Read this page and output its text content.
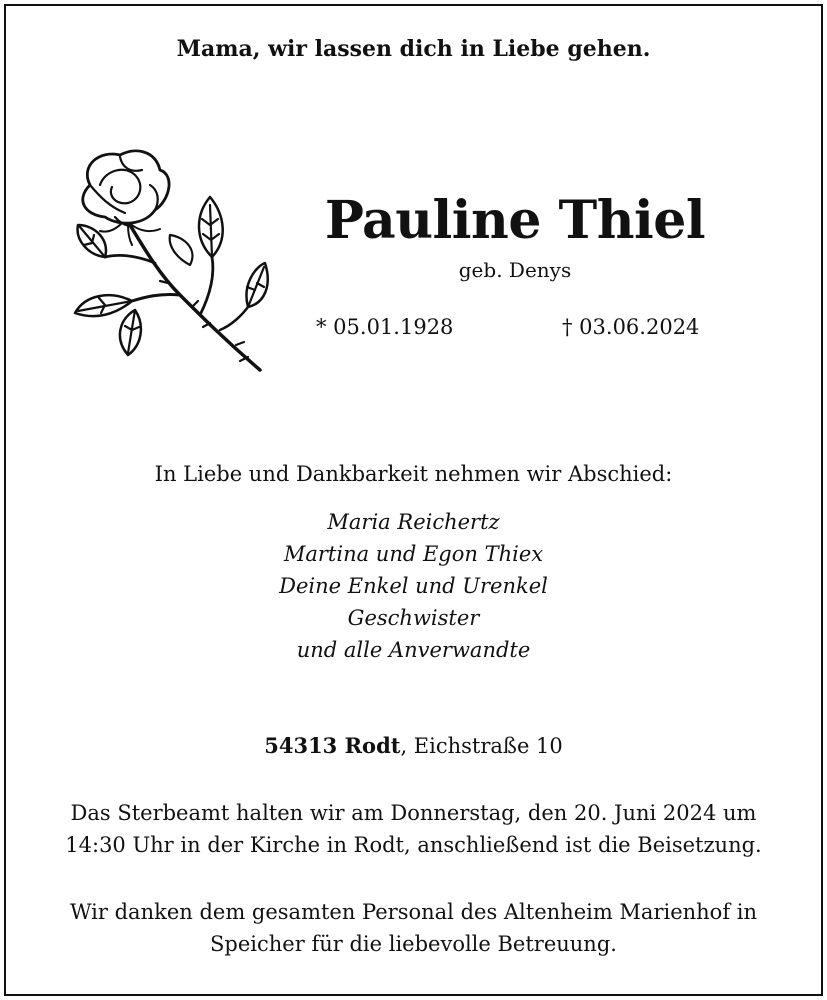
Mama, wir lassen dich in Liebe gehen.
Pauline Thiel
geb. Denys
* 05.01.1928	† 03.06.2024
In Liebe und Dankbarkeit nehmen wir Abschied:
Maria Reichertz
Martina und Egon Thiex
Deine Enkel und Urenkel
Geschwister
und alle Anverwandte
54313 Rodt, Eichstraße 10
Das Sterbeamt halten wir am Donnerstag, den 20. Juni 2024 um
14:30 Uhr in der Kirche in Rodt, anschließend ist die Beisetzung.
Wir danken dem gesamten Personal des Altenheim Marienhof in
Speicher für die liebevolle Betreuung.
